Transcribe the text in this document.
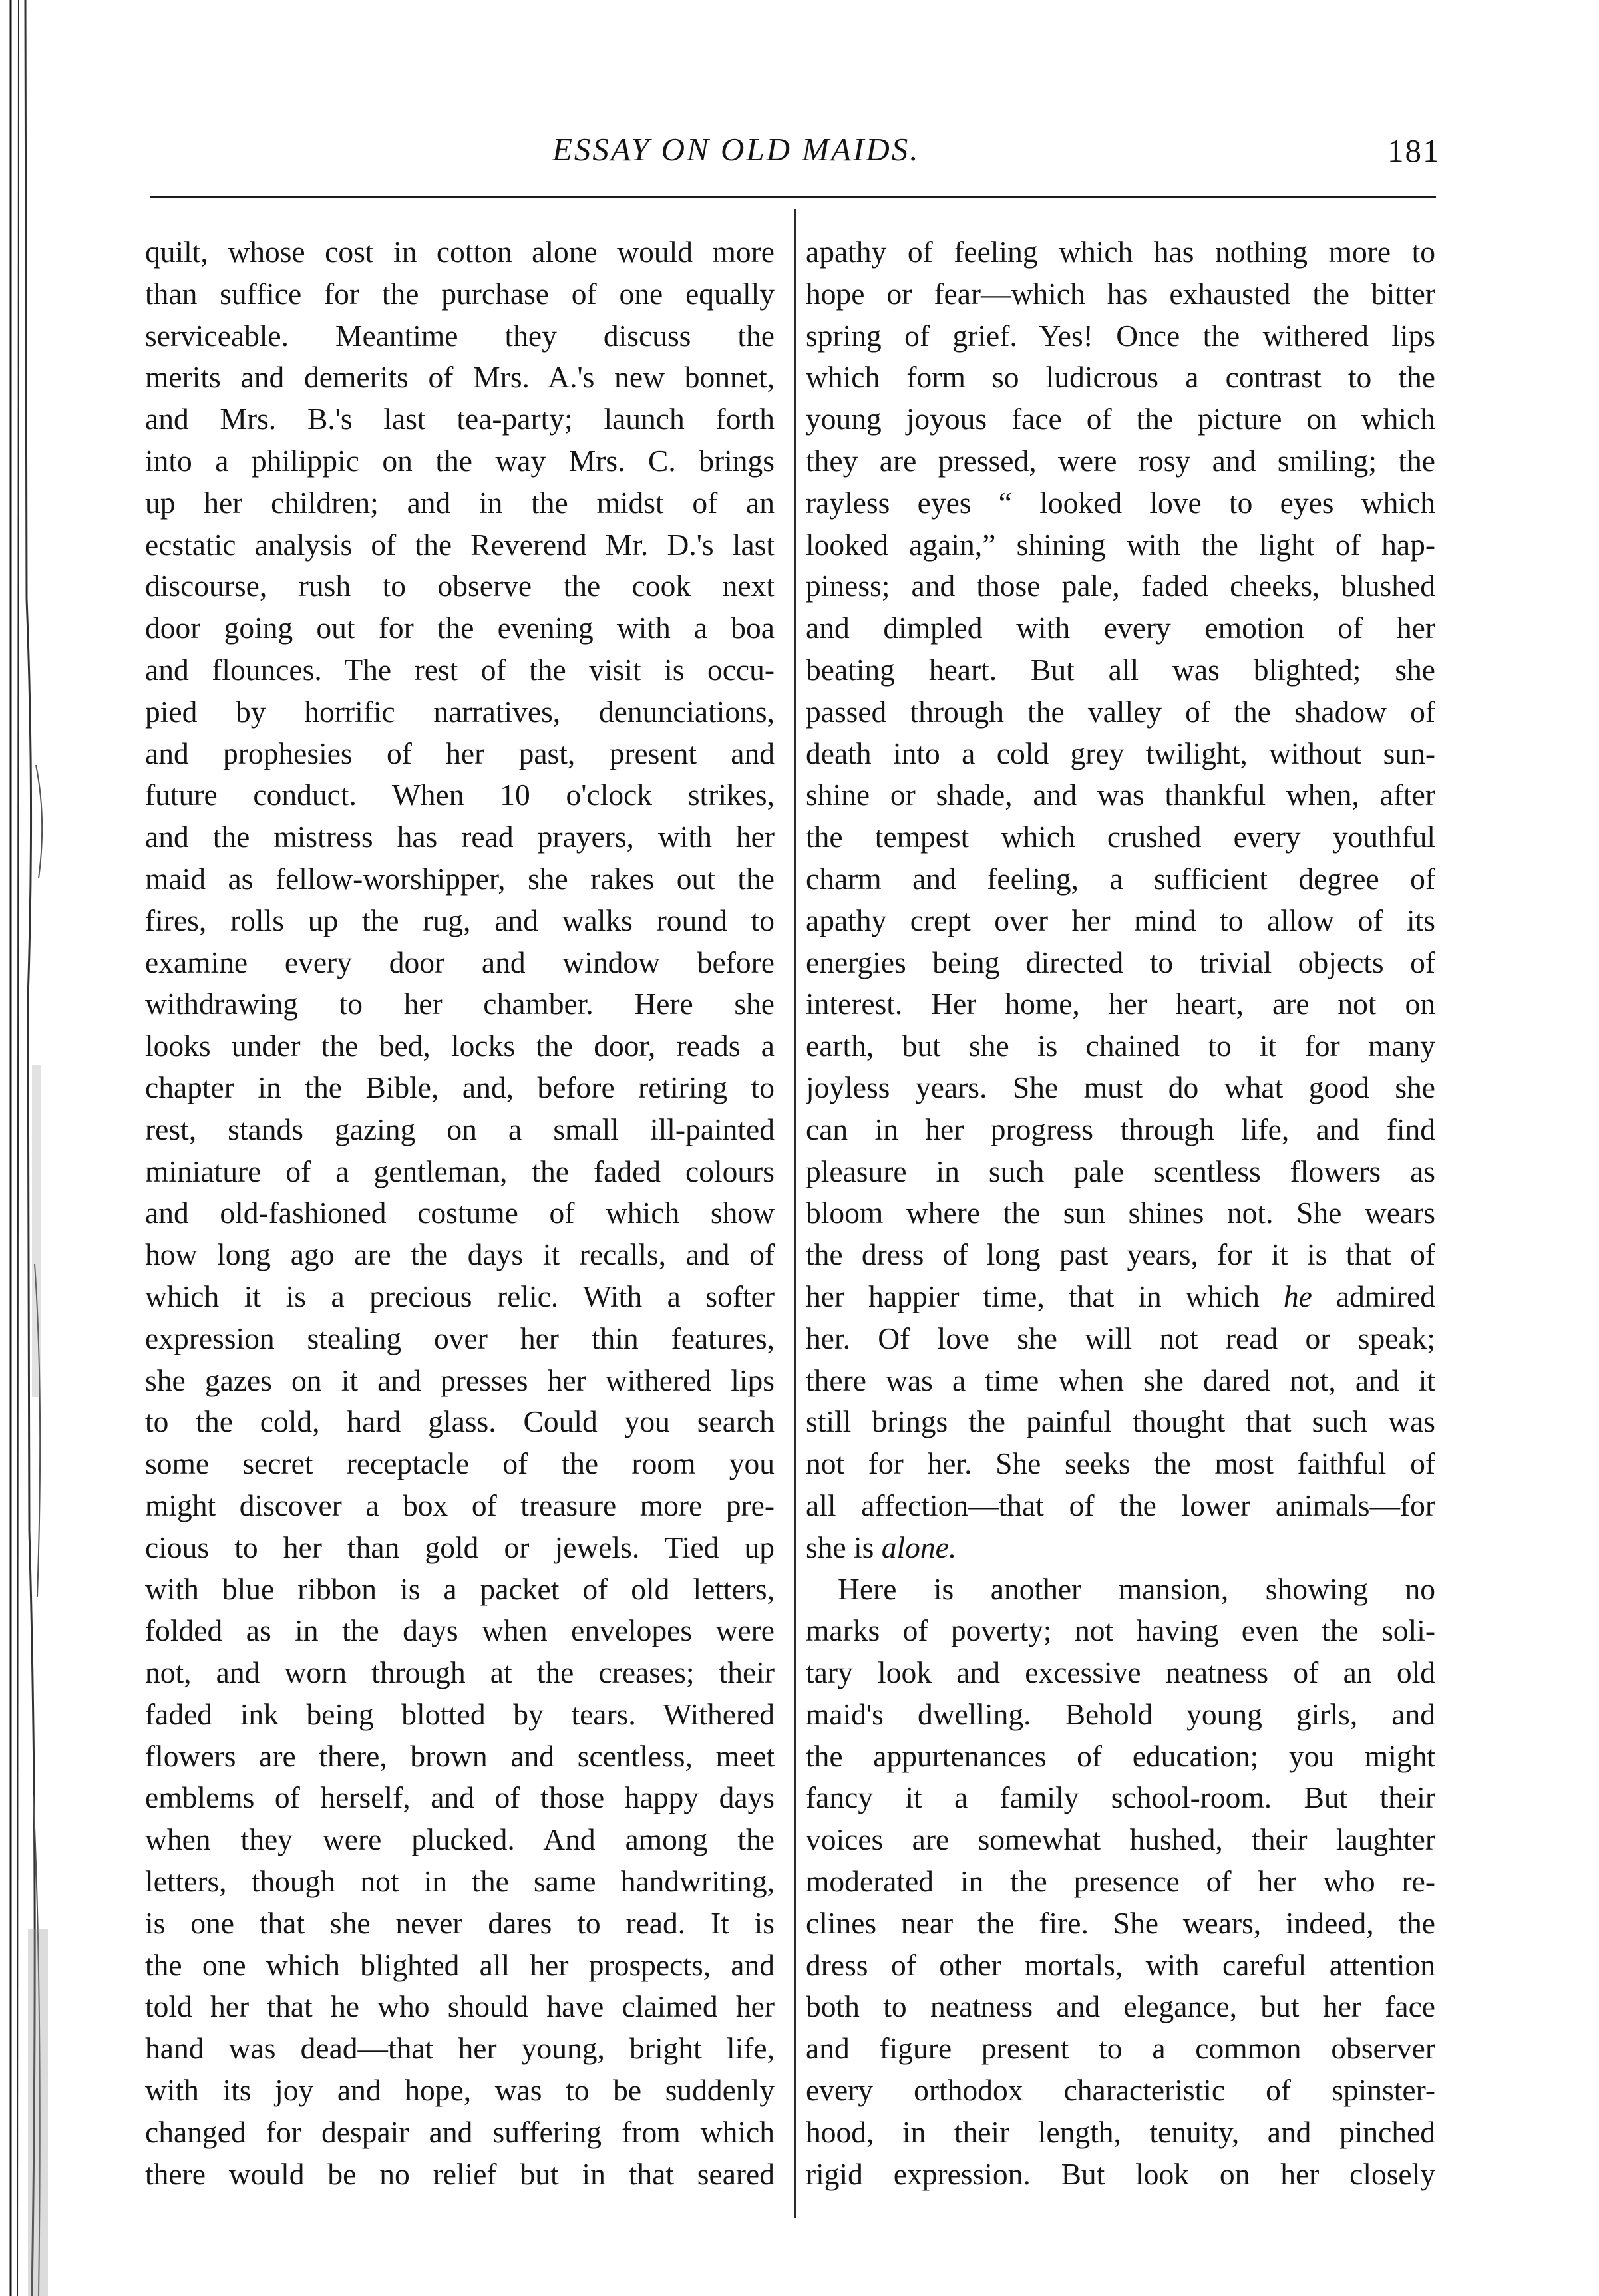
ESSAY ON OLD MAIDS.	181
quilt, whose cost in cotton alone would more
than suffice for the purchase of one equally
serviceable. Meantime they discuss the
merits and demerits of Mrs. A.'s new bonnet,
and Mrs. B.'s last tea-party; launch forth
into a philippic on the way Mrs. C. brings
up her children; and in the midst of an
ecstatic analysis of the Reverend Mr. D.'s last
discourse, rush to observe the cook next
door going out for the evening with a boa
and flounces. The rest of the visit is occu-
pied by horrific narratives, denunciations,
and prophesies of her past, present and
future conduct. When 10 o'clock strikes,
and the mistress has read prayers, with her
maid as fellow-worshipper, she rakes out the
fires, rolls up the rug, and walks round to
examine every door and window before
withdrawing to her chamber. Here she
looks under the bed, locks the door, reads a
chapter in the Bible, and, before retiring to
rest, stands gazing on a small ill-painted
miniature of a gentleman, the faded colours
and old-fashioned costume of which show
how long ago are the days it recalls, and of
which it is a precious relic. With a softer
expression stealing over her thin features,
she gazes on it and presses her withered lips
to the cold, hard glass. Could you search
some secret receptacle of the room you
might discover a box of treasure more pre-
cious to her than gold or jewels. Tied up
with blue ribbon is a packet of old letters,
folded as in the days when envelopes were
not, and worn through at the creases; their
faded ink being blotted by tears. Withered
flowers are there, brown and scentless, meet
emblems of herself, and of those happy days
when they were plucked. And among the
letters, though not in the same handwriting,
is one that she never dares to read. It is
the one which blighted all her prospects, and
told her that he who should have claimed her
hand was dead—that her young, bright life,
with its joy and hope, was to be suddenly
changed for despair and suffering from which
there would be no relief but in that seared
apathy of feeling which has nothing more to
hope or fear—which has exhausted the bitter
spring of grief. Yes! Once the withered lips
which form so ludicrous a contrast to the
young joyous face of the picture on which
they are pressed, were rosy and smiling; the
rayless eyes “ looked love to eyes which
looked again,” shining with the light of hap-
piness; and those pale, faded cheeks, blushed
and dimpled with every emotion of her
beating heart. But all was blighted; she
passed through the valley of the shadow of
death into a cold grey twilight, without sun-
shine or shade, and was thankful when, after
the tempest which crushed every youthful
charm and feeling, a sufficient degree of
apathy crept over her mind to allow of its
energies being directed to trivial objects of
interest. Her home, her heart, are not on
earth, but she is chained to it for many
joyless years. She must do what good she
can in her progress through life, and find
pleasure in such pale scentless flowers as
bloom where the sun shines not. She wears
the dress of long past years, for it is that of
her happier time, that in which he admired
her. Of love she will not read or speak;
there was a time when she dared not, and it
still brings the painful thought that such was
not for her. She seeks the most faithful of
all affection—that of the lower animals—for
she is alone.
Here is another mansion, showing no
marks of poverty; not having even the soli-
tary look and excessive neatness of an old
maid's dwelling. Behold young girls, and
the appurtenances of education; you might
fancy it a family school-room. But their
voices are somewhat hushed, their laughter
moderated in the presence of her who re-
clines near the fire. She wears, indeed, the
dress of other mortals, with careful attention
both to neatness and elegance, but her face
and figure present to a common observer
every orthodox characteristic of spinster-
hood, in their length, tenuity, and pinched
rigid expression. But look on her closely
